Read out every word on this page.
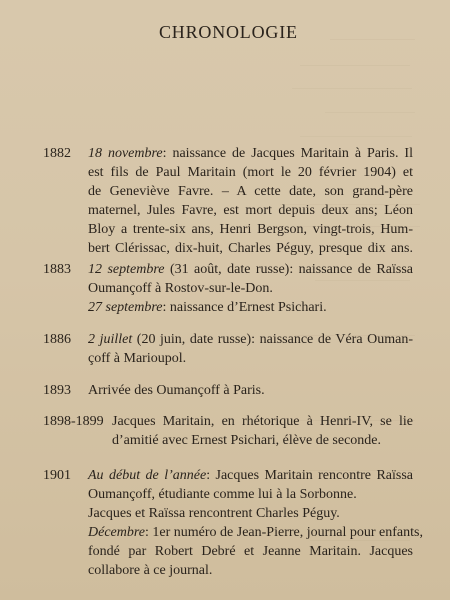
CHRONOLOGIE
1882 18 novembre: naissance de Jacques Maritain à Paris. Il
est fils de Paul Maritain (mort le 20 février 1904) et
de Geneviève Favre. – A cette date, son grand-père
maternel, Jules Favre, est mort depuis deux ans; Léon
Bloy a trente-six ans, Henri Bergson, vingt-trois, Hum-
bert Clérissac, dix-huit, Charles Péguy, presque dix ans.
1883 12 septembre (31 août, date russe): naissance de Raïssa
Oumançoff à Rostov-sur-le-Don.
27 septembre: naissance d’Ernest Psichari.
1886 2 juillet (20 juin, date russe): naissance de Véra Ouman-
çoff à Marioupol.
1893 Arrivée des Oumançoff à Paris.
1898-1899 Jacques Maritain, en rhétorique à Henri-IV, se lie
d’amitié avec Ernest Psichari, élève de seconde.
1901 Au début de l’année: Jacques Maritain rencontre Raïssa
Oumançoff, étudiante comme lui à la Sorbonne.
Jacques et Raïssa rencontrent Charles Péguy.
Décembre: 1er numéro de Jean-Pierre, journal pour enfants,
fondé par Robert Debré et Jeanne Maritain. Jacques
collabore à ce journal.
